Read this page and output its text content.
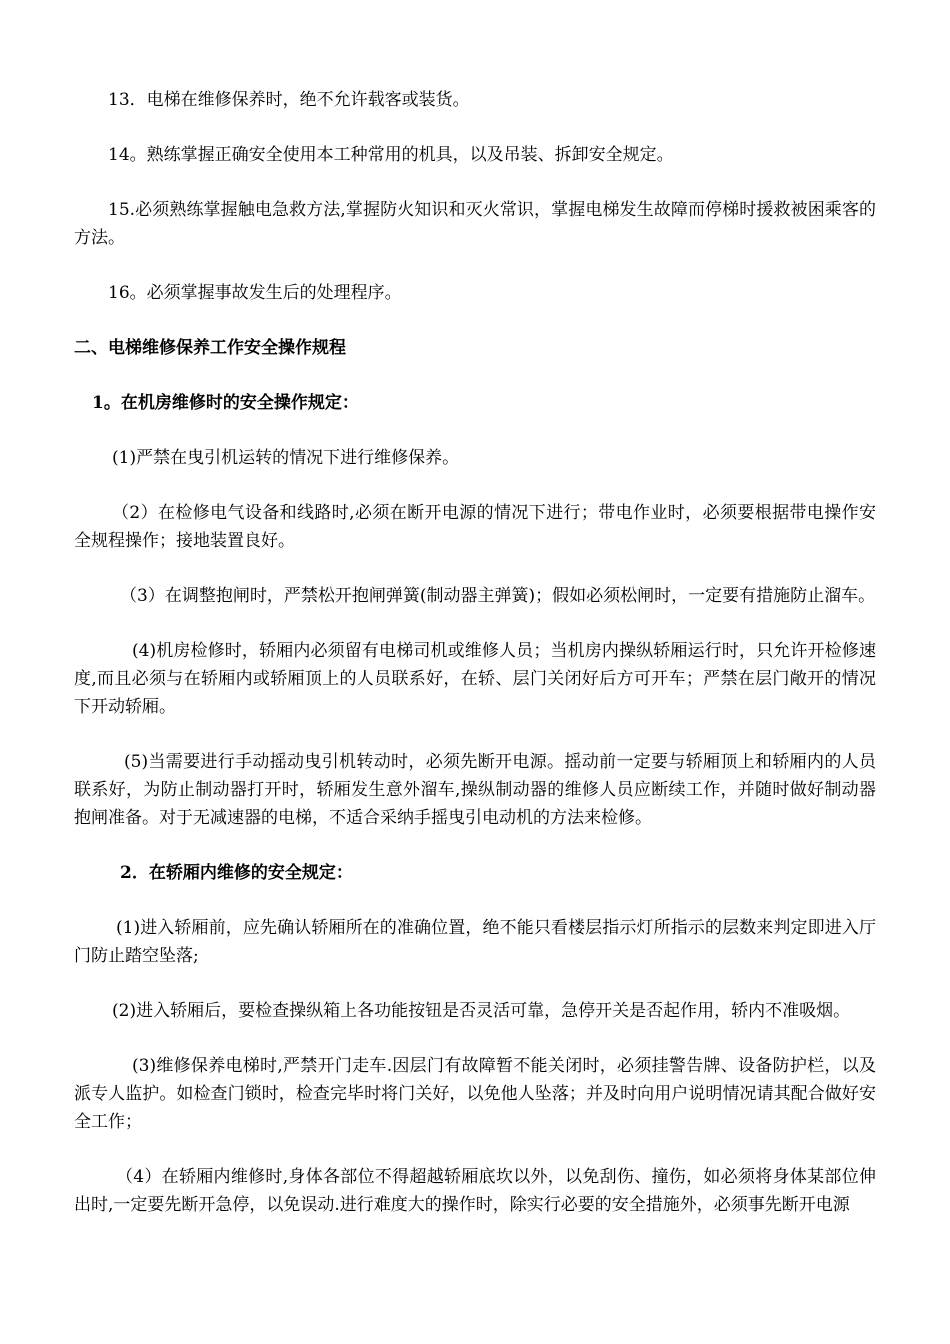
13．电梯在维修保养时，绝不允许载客或装货。

14。熟练掌握正确安全使用本工种常用的机具，以及吊装、拆卸安全规定。

15.必须熟练掌握触电急救方法,掌握防火知识和灭火常识，掌握电梯发生故障而停梯时援救被困乘客的方法。

16。必须掌握事故发生后的处理程序。

二、电梯维修保养工作安全操作规程

1。在机房维修时的安全操作规定：

(1)严禁在曳引机运转的情况下进行维修保养。

（2）在检修电气设备和线路时,必须在断开电源的情况下进行；带电作业时，必须要根据带电操作安全规程操作；接地装置良好。

（3）在调整抱闸时，严禁松开抱闸弹簧(制动器主弹簧)；假如必须松闸时，一定要有措施防止溜车。

(4)机房检修时，轿厢内必须留有电梯司机或维修人员；当机房内操纵轿厢运行时，只允许开检修速度,而且必须与在轿厢内或轿厢顶上的人员联系好，在轿、层门关闭好后方可开车；严禁在层门敞开的情况下开动轿厢。

(5)当需要进行手动摇动曳引机转动时，必须先断开电源。摇动前一定要与轿厢顶上和轿厢内的人员联系好，为防止制动器打开时，轿厢发生意外溜车,操纵制动器的维修人员应断续工作，并随时做好制动器抱闸准备。对于无减速器的电梯，不适合采纳手摇曳引电动机的方法来检修。

2．在轿厢内维修的安全规定：

(1)进入轿厢前，应先确认轿厢所在的准确位置，绝不能只看楼层指示灯所指示的层数来判定即进入厅门防止踏空坠落;

(2)进入轿厢后，要检查操纵箱上各功能按钮是否灵活可靠，急停开关是否起作用，轿内不准吸烟。

(3)维修保养电梯时,严禁开门走车.因层门有故障暂不能关闭时，必须挂警告牌、设备防护栏，以及派专人监护。如检查门锁时，检查完毕时将门关好，以免他人坠落；并及时向用户说明情况请其配合做好安全工作；

（4）在轿厢内维修时,身体各部位不得超越轿厢底坎以外，以免刮伤、撞伤，如必须将身体某部位伸出时,一定要先断开急停，以免误动.进行难度大的操作时，除实行必要的安全措施外，必须事先断开电源
